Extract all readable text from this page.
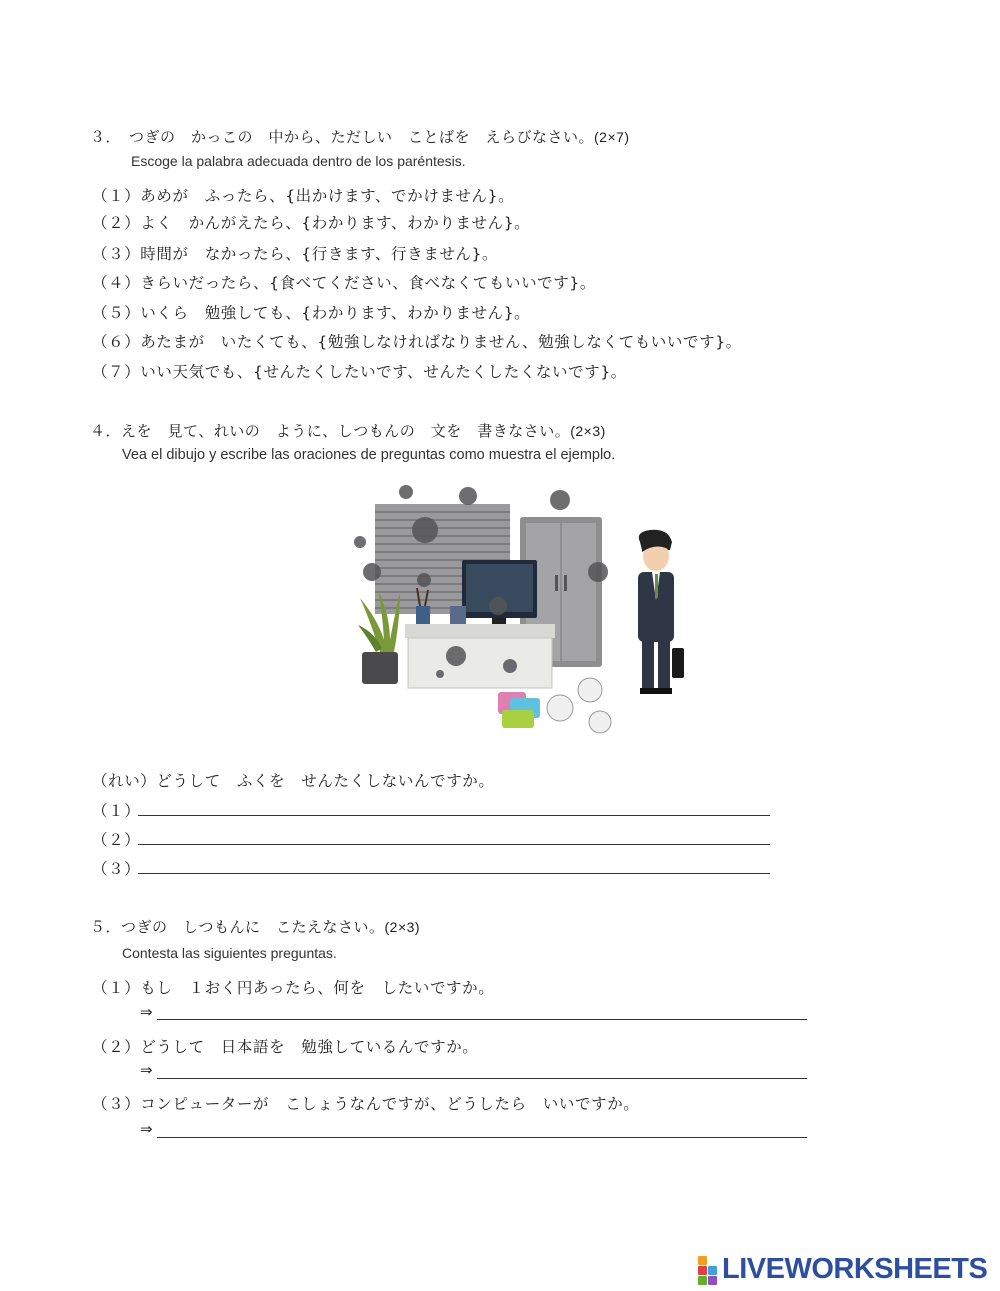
３．　つぎの　かっこの　中から、ただしい　ことばを　えらびなさい。(2×7)
Escoge la palabra adecuada dentro de los paréntesis.
（１）あめが　ふったら、{出かけます、でかけません}。
（２）よく　かんがえたら、{わかります、わかりません}。
（３）時間が　なかったら、{行きます、行きません}。
（４）きらいだったら、{食べてください、食べなくてもいいです}。
（５）いくら　勉強しても、{わかります、わかりません}。
（６）あたまが　いたくても、{勉強しなければなりません、勉強しなくてもいいです}。
（７）いい天気でも、{せんたくしたいです、せんたくしたくないです}。
４．えを　見て、れいの　ように、しつもんの　文を　書きなさい。(2×3)
Vea el dibujo y escribe las oraciones de preguntas como muestra el ejemplo.
（れい）どうして　ふくを　せんたくしないんですか。
（１）
（２）
（３）
５．つぎの　しつもんに　こたえなさい。(2×3)
Contesta las siguientes preguntas.
（１）もし　１おく円あったら、何を　したいですか。
⇒
（２）どうして　日本語を　勉強しているんですか。
⇒
（３）コンピューターが　こしょうなんですが、どうしたら　いいですか。
⇒
LIVEWORKSHEETS
